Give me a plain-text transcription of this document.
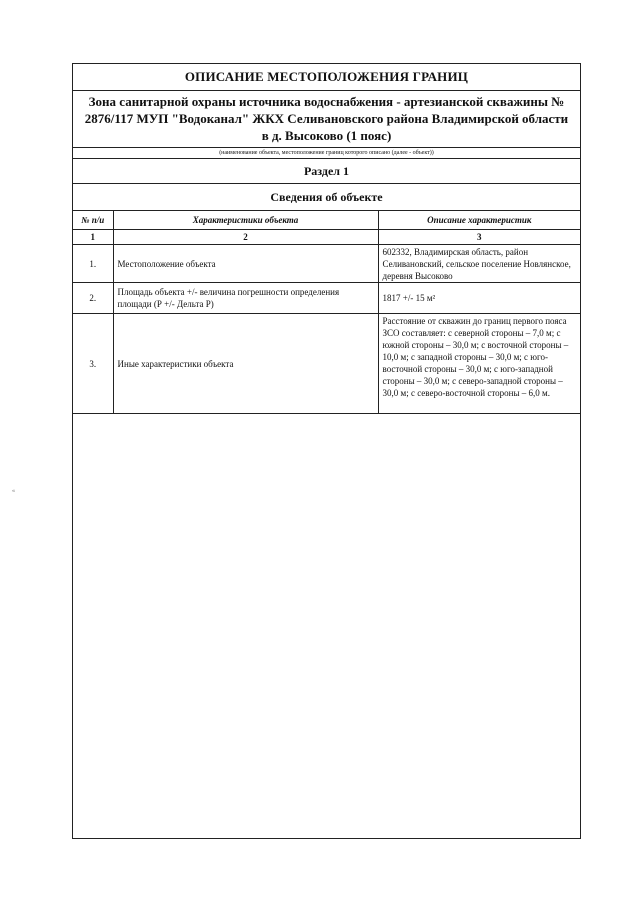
«
ОПИСАНИЕ МЕСТОПОЛОЖЕНИЯ ГРАНИЦ
Зона санитарной охраны источника водоснабжения - артезианской скважины №
2876/117 МУП "Водоканал" ЖКХ Селивановского района Владимирской области
в д. Высоково (1 пояс)
(наименование объекта, местоположение границ которого описано (далее - объект))
Раздел 1
Сведения об объекте
№ п/и	Характеристики объекта	Описание характеристик
1	2	3
1.	Местоположение объекта	602332, Владимирская область, район Селивановский, сельское поселение Новлянское, деревня Высоково
2.	Площадь объекта +/- величина погрешности определения площади (Р +/- Дельта Р)	1817 +/- 15 м²
3.	Иные характеристики объекта	Расстояние от скважин до границ первого пояса ЗСО составляет: с северной стороны – 7,0 м; с южной стороны – 30,0 м; с восточной стороны – 10,0 м; с западной стороны – 30,0 м; с юго-восточной стороны – 30,0 м; с юго-западной стороны – 30,0 м; с северо-западной стороны – 30,0 м; с северо-восточной стороны – 6,0 м.
